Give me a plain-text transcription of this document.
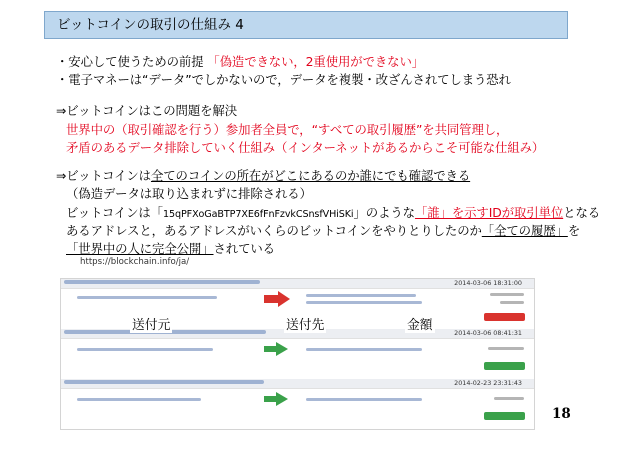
ビットコインの取引の仕組み 4
・安心して使うための前提 「偽造できない，2重使用ができない」
・電子マネーは“データ”でしかないので，データを複製・改ざんされてしまう恐れ
⇒ビットコインはこの問題を解決
世界中の（取引確認を行う）参加者全員で，“すべての取引履歴”を共同管理し，
矛盾のあるデータ排除していく仕組み（インターネットがあるからこそ可能な仕組み）
⇒ビットコインは全てのコインの所在がどこにあるのか誰にでも確認できる
（偽造データは取り込まれずに排除される）
ビットコインは「15qPFXoGaBTP7XE6fFnFzvkCSnsfVHiSKi」のような「誰」を示すIDが取引単位となる
あるアドレスと，あるアドレスがいくらのビットコインをやりとりしたのか「全ての履歴」を
「世界中の人に完全公開」されている
https://blockchain.info/ja/
2014-03-06 18:31:00
2014-03-06 08:41:31
2014-02-23 23:31:43
送付元	送付先	金額
18
